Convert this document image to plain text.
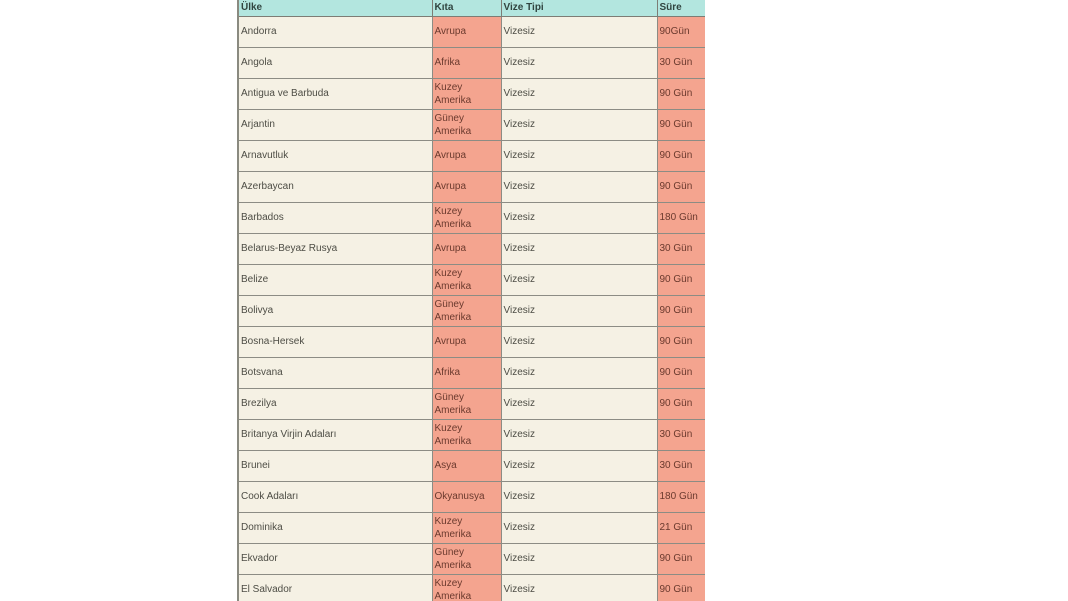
Ülke	Kıta	Vize Tipi	Süre
Andorra	Avrupa	Vizesiz	90Gün
Angola	Afrika	Vizesiz	30 Gün
Antigua ve Barbuda	Kuzey Amerika	Vizesiz	90 Gün
Arjantin	Güney Amerika	Vizesiz	90 Gün
Arnavutluk	Avrupa	Vizesiz	90 Gün
Azerbaycan	Avrupa	Vizesiz	90 Gün
Barbados	Kuzey Amerika	Vizesiz	180 Gün
Belarus-Beyaz Rusya	Avrupa	Vizesiz	30 Gün
Belize	Kuzey Amerika	Vizesiz	90 Gün
Bolivya	Güney Amerika	Vizesiz	90 Gün
Bosna-Hersek	Avrupa	Vizesiz	90 Gün
Botsvana	Afrika	Vizesiz	90 Gün
Brezilya	Güney Amerika	Vizesiz	90 Gün
Britanya Virjin Adaları	Kuzey Amerika	Vizesiz	30 Gün
Brunei	Asya	Vizesiz	30 Gün
Cook Adaları	Okyanusya	Vizesiz	180 Gün
Dominika	Kuzey Amerika	Vizesiz	21 Gün
Ekvador	Güney Amerika	Vizesiz	90 Gün
El Salvador	Kuzey Amerika	Vizesiz	90 Gün
